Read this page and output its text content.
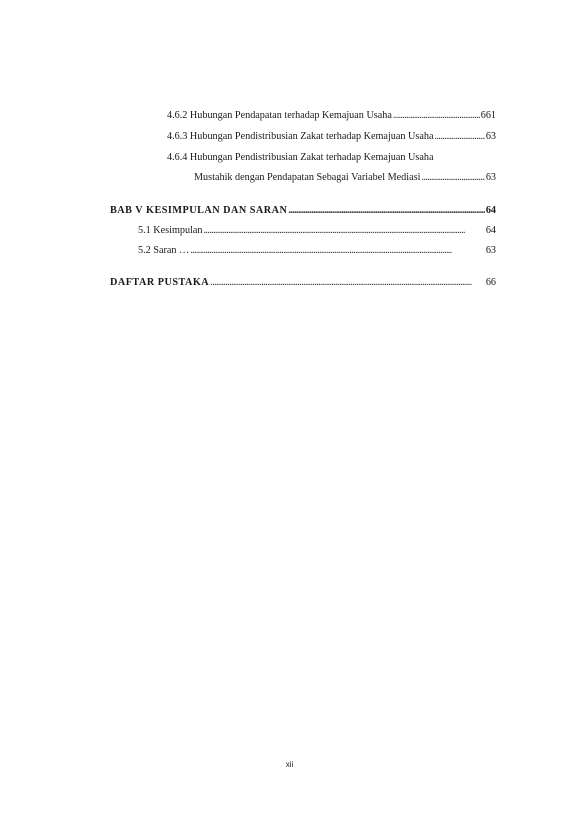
4.6.2 Hubungan Pendapatan terhadap Kemajuan Usaha . . .	661
4.6.3 Hubungan Pendistribusian Zakat terhadap Kemajuan Usaha . . .	63
4.6.4 Hubungan Pendistribusian Zakat terhadap Kemajuan Usaha
Mustahik dengan Pendapatan Sebagai Variabel Mediasi . . .	63
BAB V KESIMPULAN DAN SARAN . . .	64
5.1 Kesimpulan . . .	64
5.2 Saran … . . .	63
DAFTAR PUSTAKA . . .	66
xii
